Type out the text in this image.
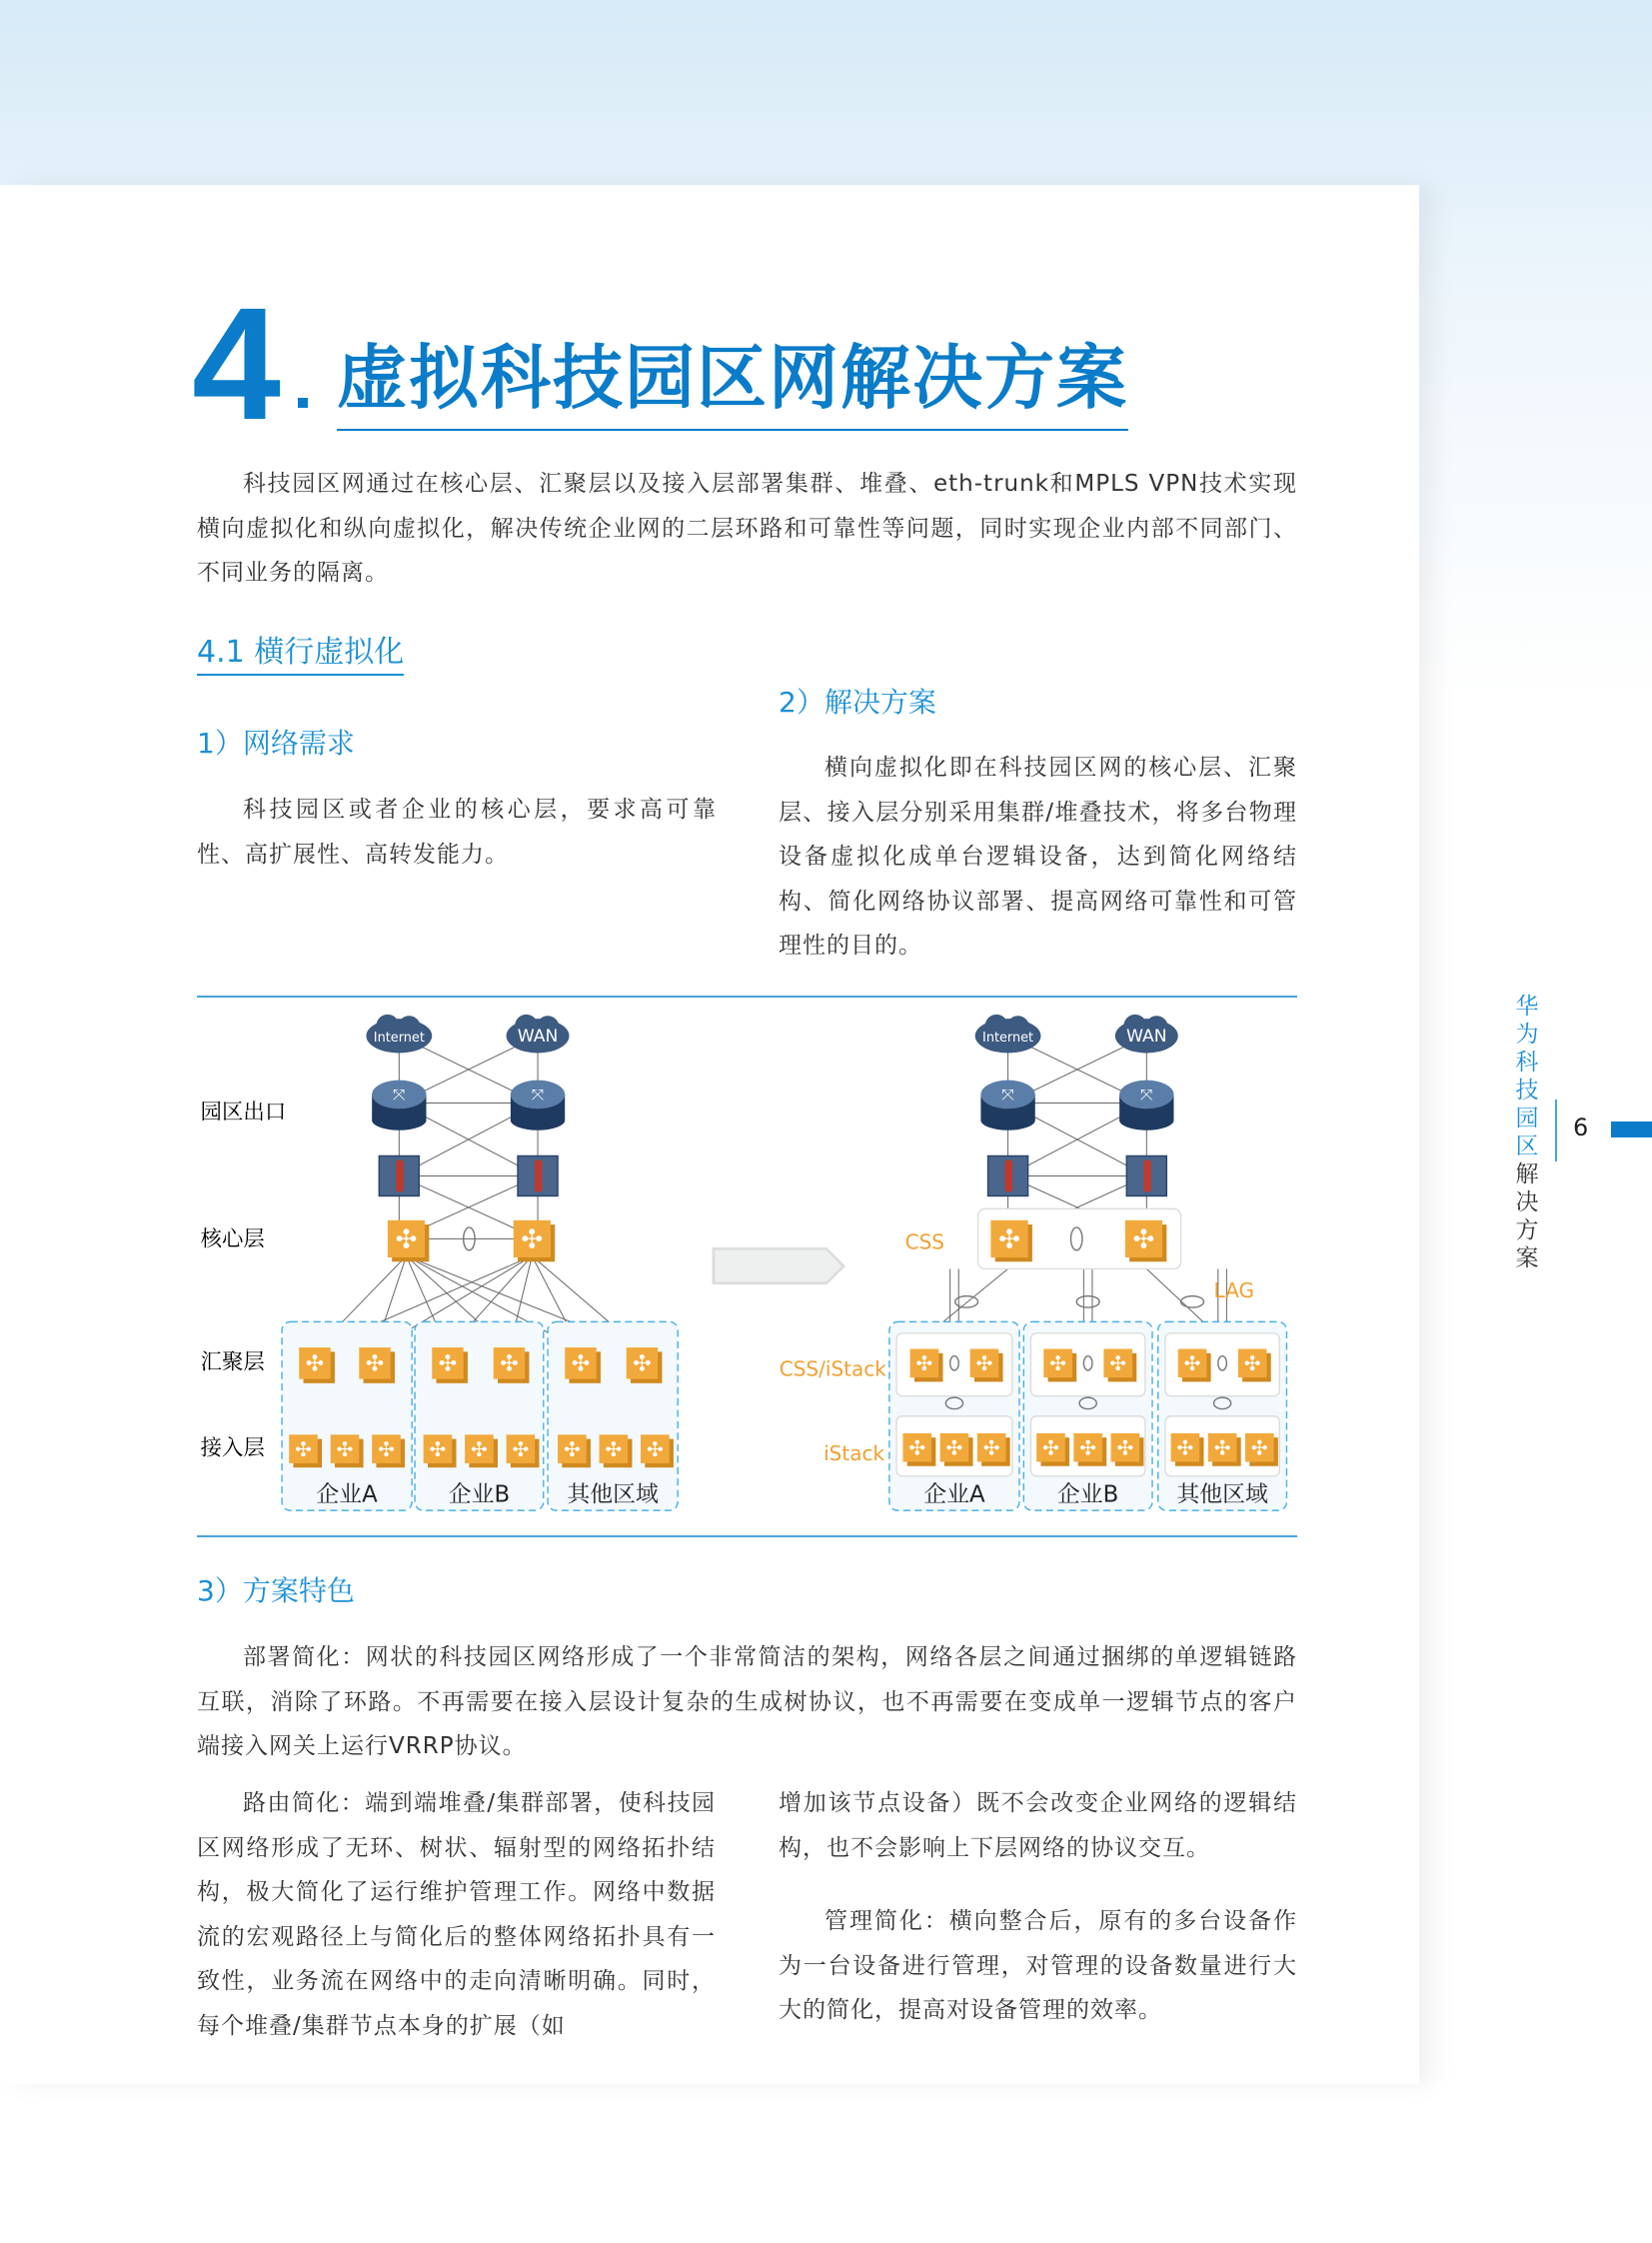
4 虚拟科技园区网解决方案
科技园区网通过在核心层、汇聚层以及接入层部署集群、堆叠、eth-trunk和MPLS VPN技术实现横向虚拟化和纵向虚拟化，解决传统企业网的二层环路和可靠性等问题，同时实现企业内部不同部门、不同业务的隔离。
4.1 横行虚拟化
1）网络需求
科技园区或者企业的核心层，要求高可靠性、高扩展性、高转发能力。
2）解决方案
横向虚拟化即在科技园区网的核心层、汇聚层、接入层分别采用集群/堆叠技术，将多台物理设备虚拟化成单台逻辑设备，达到简化网络结构、简化网络协议部署、提高网络可靠性和可管理性的目的。
企业A	企业B	其他区域	企业A	企业B	其他区域
✣	✣
✣ ✣ ✣
✣	✣
✣ ✣ ✣
✣	✣
✣ ✣ ✣
Internet	WAN
⤧	⤧
Internet	WAN
⤧	⤧
✣	✣	✣	✣
✣	✣	✣	✣	✣	✣
✣ ✣ ✣ ✣ ✣ ✣ ✣ ✣ ✣
园区出口
核心层
汇聚层
接入层
CSS
LAG
CSS/iStack
iStack
3）方案特色
部署简化：网状的科技园区网络形成了一个非常简洁的架构，网络各层之间通过捆绑的单逻辑链路互联，消除了环路。不再需要在接入层设计复杂的生成树协议，也不再需要在变成单一逻辑节点的客户端接入网关上运行VRRP协议。
路由简化：端到端堆叠/集群部署，使科技园区网络形成了无环、树状、辐射型的网络拓扑结构，极大简化了运行维护管理工作。网络中数据流的宏观路径上与简化后的整体网络拓扑具有一致性，业务流在网络中的走向清晰明确。同时，每个堆叠/集群节点本身的扩展（如
增加该节点设备）既不会改变企业网络的逻辑结构，也不会影响上下层网络的协议交互。
管理简化：横向整合后，原有的多台设备作为一台设备进行管理，对管理的设备数量进行大大的简化，提高对设备管理的效率。
华为科技园区解决方案
6
